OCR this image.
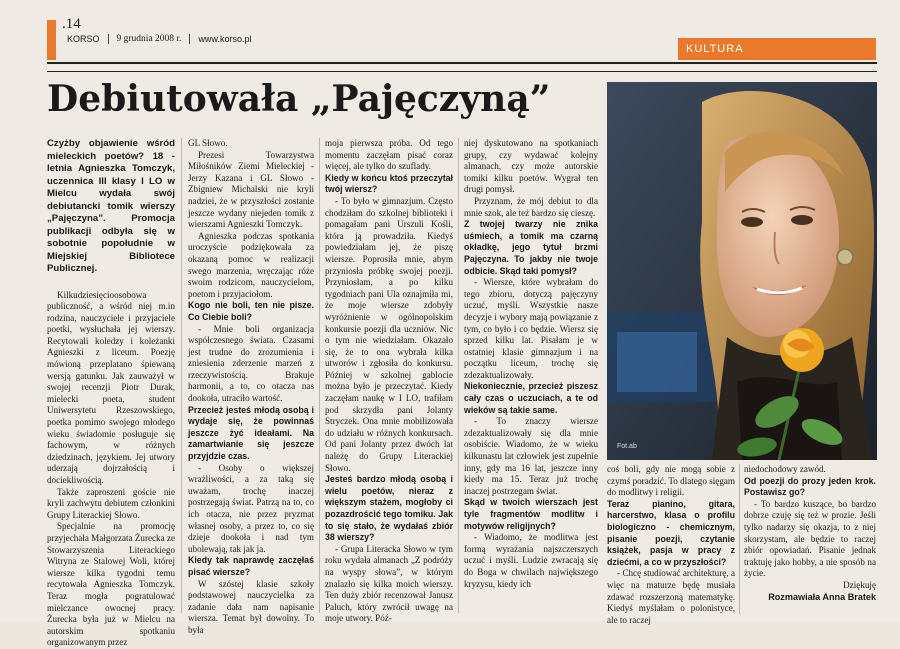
.14
KORSO 9 grudnia 2008 r. www.korso.pl
KULTURA
Debiutowała „Pajęczyną”

Czyżby objawienie wśród mieleckich poetów? 18 - letnia Agnieszka Tomczyk, uczennica III klasy I LO w Mielcu wydała swój debiutancki tomik wierszy „Pajęczyna”. Promocja publikacji odbyła się w sobotnie popołudnie w Miejskiej Bibliotece Publicznej.

Kilkudziesięcioosobowa publiczność, a wśród niej m.in rodzina, nauczyciele i przyjaciele poetki, wysłuchała jej wierszy. Recytowali koledzy i koleżanki Agnieszki z liceum. Poezję mówioną przeplatano śpiewaną wersją gatunku. Jak zauważył w swojej recenzji Piotr Durak, mielecki poeta, student Uniwersytetu Rzeszowskiego, poetka pomimo swojego młodego wieku świadomie posługuje się fachowym, w różnych dziedzinach, językiem. Jej utwory uderzają dojrzałością i dociekliwością.

Także zaproszeni goście nie kryli zachwytu debiutem członkini Grupy Literackiej Słowo.

Specjalnie na promocję przyjechała Małgorzata Żurecka ze Stowarzyszenia Literackiego Witryna ze Stalowej Woli, której wiersze kilka tygodni temu recytowała Agnieszka Tomczyk. Teraz mogła pogratulować mielczance owocnej pracy. Żurecka była już w Mielcu na autorskim spotkaniu organizowanym przez

GL Słowo.

Prezesi Towarzystwa Miłośników Ziemi Mieleckiej - Jerzy Kazana i GL Słowo - Zbigniew Michalski nie kryli nadziei, że w przyszłości zostanie jeszcze wydany niejeden tomik z wierszami Agnieszki Tomczyk.

Agnieszka podczas spotkania uroczyście podziękowała za okazaną pomoc w realizacji swego marzenia, wręczając róże swoim rodzicom, nauczycielom, poetom i przyjaciołom.

Kogo nie boli, ten nie pisze. Co Ciebie boli?

- Mnie boli organizacja współczesnego świata. Czasami jest trudne do zrozumienia i zniesienia zderzenie marzeń z rzeczywistością. Brakuje harmonii, a to, co otacza nas dookoła, utraciło wartość.

Przecież jesteś młodą osobą i wydaje się, że powinnaś jeszcze żyć ideałami. Na zamartwianie się jeszcze przyjdzie czas.

- Osoby o większej wrażliwości, a za taką się uważam, trochę inaczej postrzegają świat. Patrzą na to, co ich otacza, nie przez pryzmat własnej osoby, a przez to, co się dzieje dookoła i nad tym ubolewają, tak jak ja.

Kiedy tak naprawdę zaczęłaś pisać wiersze?

W szóstej klasie szkoły podstawowej nauczycielka za zadanie dała nam napisanie wiersza. Temat był dowolny. To była

moja pierwsza próba. Od tego momentu zaczęłam pisać coraz więcej, ale tylko do szuflady.

Kiedy w końcu ktoś przeczytał twój wiersz?

- To było w gimnazjum. Często chodziłam do szkolnej biblioteki i pomagałam pani Urszuli Kośli, która ją prowadziła. Kiedyś powiedziałam jej, że piszę wiersze. Poprosiła mnie, abym przyniosła próbkę swojej poezji. Przyniosłam, a po kilku tygodniach pani Ula oznajmiła mi, że moje wiersze zdobyły wyróżnienie w ogólnopolskim konkursie poezji dla uczniów. Nic o tym nie wiedziałam. Okazało się, że to ona wybrała kilka utworów i zgłosiła do konkursu. Później w szkolnej gablocie można było je przeczytać. Kiedy zaczęłam naukę w I LO, trafiłam pod skrzydła pani Jolanty Stryczek. Ona mnie mobilizowała do udziału w różnych konkursach. Od pani Jolanty przez dwóch lat należę do Grupy Literackiej Słowo.

Jesteś bardzo młodą osobą i wielu poetów, nieraz z większym stażem, mogłoby ci pozazdrościć tego tomiku. Jak to się stało, że wydałaś zbiór 38 wierszy?

- Grupa Literacka Słowo w tym roku wydała almanach „Z podróży na wyspy słowa”, w którym znalazło się kilka moich wierszy. Ten duży zbiór recenzował Janusz Paluch, który zwrócił uwagę na moje utwory. Póź-

niej dyskutowano na spotkaniach grupy, czy wydawać kolejny almanach, czy może autorskie tomiki kilku poetów. Wygrał ten drugi pomysł.

Przyznam, że mój debiut to dla mnie szok, ale też bardzo się cieszę.

Z twojej twarzy nie znika uśmiech, a tomik ma czarną okładkę, jego tytuł brzmi Pajęczyna. To jakby nie twoje odbicie. Skąd taki pomysł?

- Wiersze, które wybrałam do tego zbioru, dotyczą pajęczyny uczuć, myśli. Wszystkie nasze decyzje i wybory mają powiązanie z tym, co było i co będzie. Wiersz się sprzed kilku lat. Pisałam je w ostatniej klasie gimnazjum i na początku liceum, trochę się zdezaktualizowały.

Niekoniecznie, przecież piszesz cały czas o uczuciach, a te od wieków są takie same.

- To znaczy wiersze zdezaktualizowały się dla mnie osobiście. Wiadomo, że w wieku kilkunastu lat człowiek jest zupełnie inny, gdy ma 16 lat, jeszcze inny kiedy ma 15. Teraz już trochę inaczej postrzegam świat.

Skąd w twoich wierszach jest tyle fragmentów modlitw i motywów religijnych?

- Wiadomo, że modlitwa jest formą wyrażania najszczerszych uczuć i myśli. Ludzie zwracają się do Boga w chwilach największego kryzysu, kiedy ich

Fot.ab

coś boli, gdy nie mogą sobie z czymś poradzić. To dlatego sięgam do modlitwy i religii.

Teraz pianino, gitara, harcerstwo, klasa o profilu biologiczno - chemicznym, pisanie poezji, czytanie książek, pasja w pracy z dziećmi, a co w przyszłości?

- Chcę studiować architekturę, a więc na maturze będę musiała zdawać rozszerzoną matematykę. Kiedyś myślałam o polonistyce, ale to raczej

niedochodowy zawód.

Od poezji do prozy jeden krok. Postawisz go?

- To bardzo kuszące, bo bardzo dobrze czuję się też w prozie. Jeśli tylko nadarzy się okazja, to z niej skorzystam, ale będzie to raczej zbiór opowiadań. Pisanie jednak traktuję jako hobby, a nie sposób na życie.

Dziękuję

Rozmawiała Anna Bratek
